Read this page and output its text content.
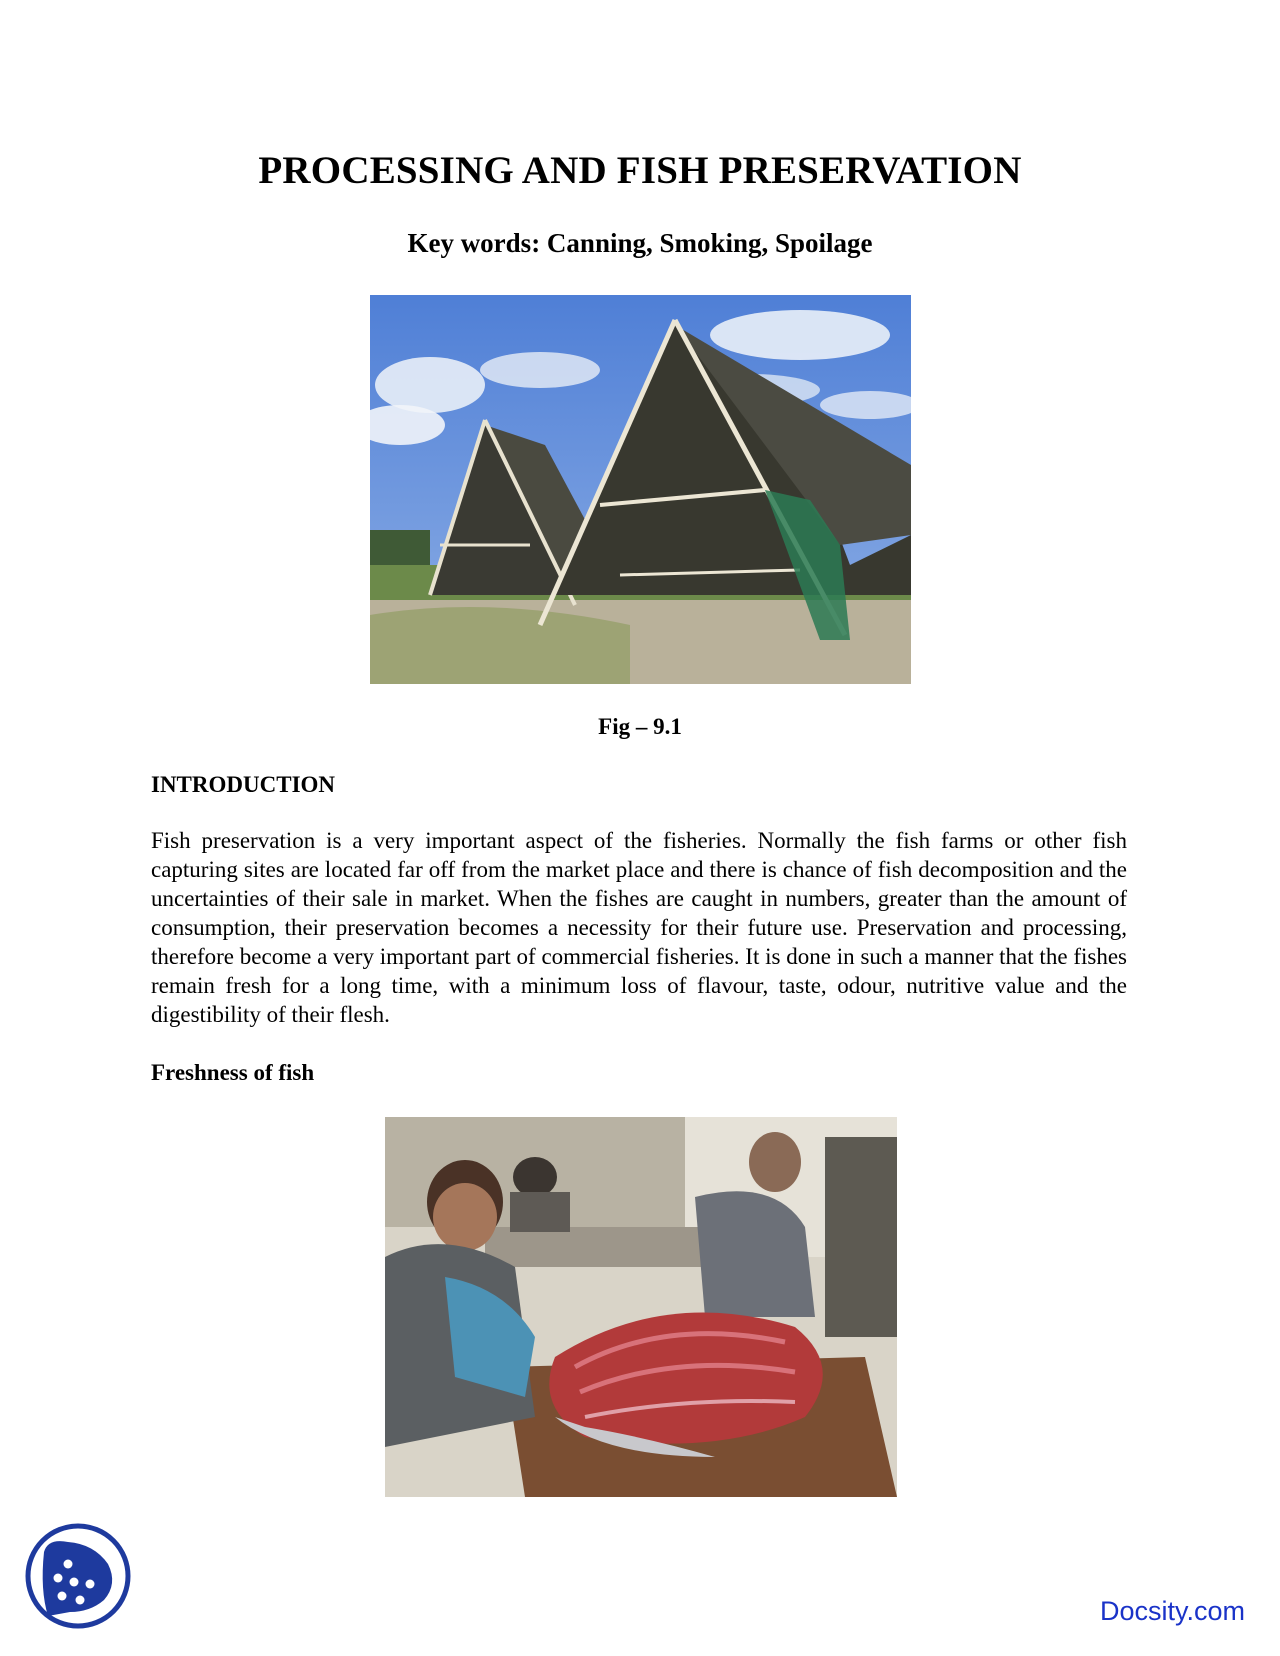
PROCESSING AND FISH PRESERVATION

Key words: Canning, Smoking, Spoilage

Fig – 9.1

INTRODUCTION

Fish preservation is a very important aspect of the fisheries. Normally the fish farms or other fish capturing sites are located far off from the market place and there is chance of fish decomposition and the uncertainties of their sale in market. When the fishes are caught in numbers, greater than the amount of consumption, their preservation becomes a necessity for their future use. Preservation and processing, therefore become a very important part of commercial fisheries. It is done in such a manner that the fishes remain fresh for a long time, with a minimum loss of flavour, taste, odour, nutritive value and the digestibility of their flesh.

Freshness of fish

Docsity.com
